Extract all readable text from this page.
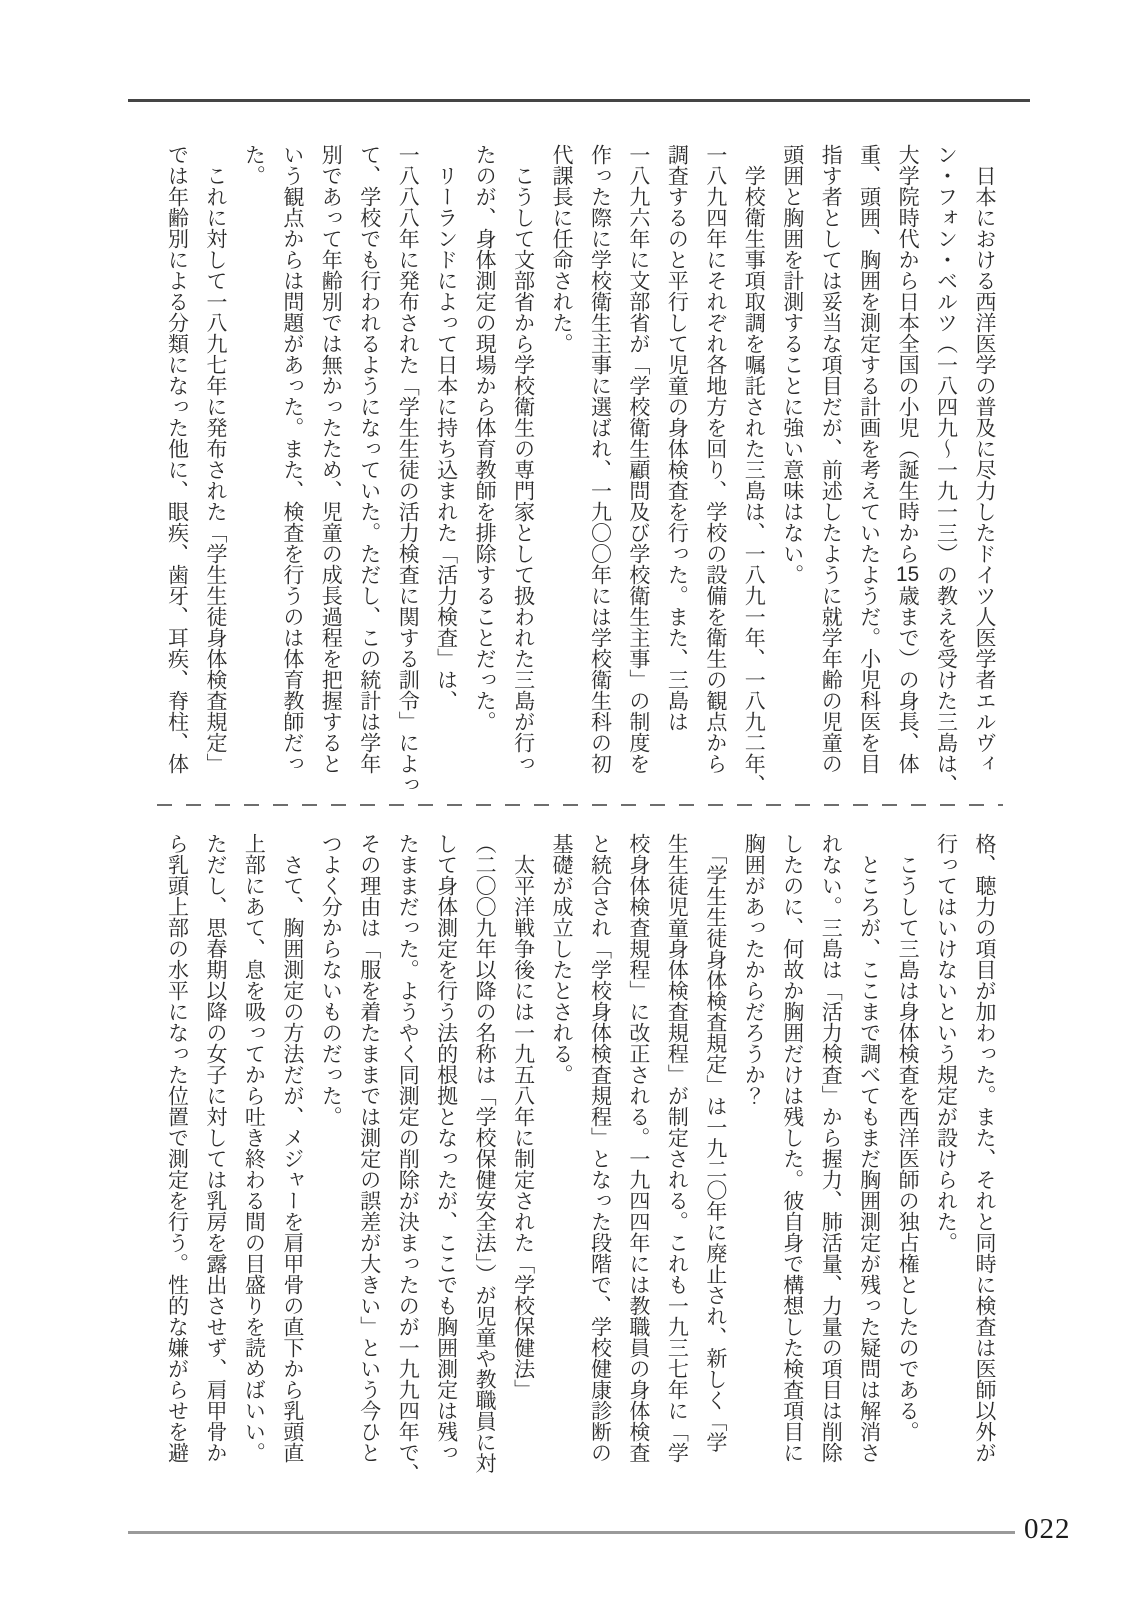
　日本における西洋医学の普及に尽力したドイツ人医学者エルヴィ
ン・フォン・ベルツ（一八四九～一九一三）の教えを受けた三島は、
大学院時代から日本全国の小児（誕生時から15歳まで）の身長、体
重、頭囲、胸囲を測定する計画を考えていたようだ。小児科医を目
指す者としては妥当な項目だが、前述したように就学年齢の児童の
頭囲と胸囲を計測することに強い意味はない。
　学校衛生事項取調を嘱託された三島は、一八九一年、一八九二年、
一八九四年にそれぞれ各地方を回り、学校の設備を衛生の観点から
調査するのと平行して児童の身体検査を行った。また、三島は
一八九六年に文部省が「学校衛生顧問及び学校衛生主事」の制度を
作った際に学校衛生主事に選ばれ、一九〇〇年には学校衛生科の初
代課長に任命された。
　こうして文部省から学校衛生の専門家として扱われた三島が行っ
たのが、身体測定の現場から体育教師を排除することだった。
　リーランドによって日本に持ち込まれた「活力検査」は、
一八八八年に発布された「学生生徒の活力検査に関する訓令」によっ
て、学校でも行われるようになっていた。ただし、この統計は学年
別であって年齢別では無かったため、児童の成長過程を把握すると
いう観点からは問題があった。また、検査を行うのは体育教師だっ
た。
　これに対して一八九七年に発布された「学生生徒身体検査規定」
では年齢別による分類になった他に、眼疾、歯牙、耳疾、脊柱、体
格、聴力の項目が加わった。また、それと同時に検査は医師以外が
行ってはいけないという規定が設けられた。
　こうして三島は身体検査を西洋医師の独占権としたのである。
　ところが、ここまで調べてもまだ胸囲測定が残った疑問は解消さ
れない。三島は「活力検査」から握力、肺活量、力量の項目は削除
したのに、何故か胸囲だけは残した。彼自身で構想した検査項目に
胸囲があったからだろうか？
　「学生生徒身体検査規定」は一九二〇年に廃止され、新しく「学
生生徒児童身体検査規程」が制定される。これも一九三七年に「学
校身体検査規程」に改正される。一九四四年には教職員の身体検査
と統合され「学校身体検査規程」となった段階で、学校健康診断の
基礎が成立したとされる。
　太平洋戦争後には一九五八年に制定された「学校保健法」
（二〇〇九年以降の名称は「学校保健安全法」）が児童や教職員に対
して身体測定を行う法的根拠となったが、ここでも胸囲測定は残っ
たままだった。ようやく同測定の削除が決まったのが一九九四年で、
その理由は「服を着たままでは測定の誤差が大きい」という今ひと
つよく分からないものだった。
　さて、胸囲測定の方法だが、メジャーを肩甲骨の直下から乳頭直
上部にあて、息を吸ってから吐き終わる間の目盛りを読めばいい。
ただし、思春期以降の女子に対しては乳房を露出させず、肩甲骨か
ら乳頭上部の水平になった位置で測定を行う。性的な嫌がらせを避
022
